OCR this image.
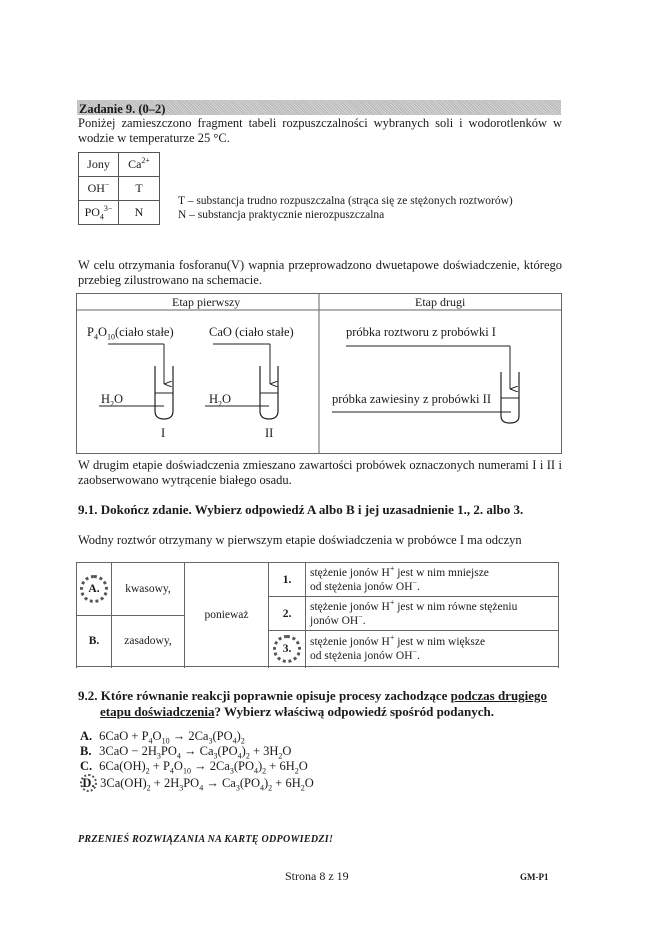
Zadanie 9. (0–2)
Poniżej zamieszczono fragment tabeli rozpuszczalności wybranych soli i wodorotlenków w wodzie w temperaturze 25 °C.
Jony	$Ca^{2+}$
OH−	T
$PO_4^{3-}$	N
T – substancja trudno rozpuszczalna (strąca się ze stężonych roztworów)
N – substancja praktycznie nierozpuszczalna
W celu otrzymania fosforanu(V) wapnia przeprowadzono dwuetapowe doświadczenie, którego przebieg zilustrowano na schemacie.
Etap pierwszy	Etap drugi
$P_4O_{10}(ciało$ stałe)	CaO (ciało stałe)
$H_2O$	$H_2O$
I	II
próbka roztworu z probówki I
próbka zawiesiny z probówki II
W drugim etapie doświadczenia zmieszano zawartości probówek oznaczonych numerami I i II i zaobserwowano wytrącenie białego osadu.
9.1. Dokończ zdanie. Wybierz odpowiedź A albo B i jej uzasadnienie 1., 2. albo 3.
Wodny roztwór otrzymany w pierwszym etapie doświadczenia w probówce I ma odczyn
A.	kwasowy,	ponieważ	1.	stężenie jonów H+ jest w nim mniejsze
od stężenia jonów OH−.

			2.	stężenie jonów H+ jest w nim równe stężeniu
jonów OH−.
B.	zasadowy,			
			3.	stężenie jonów H+ jest w nim większe
od stężenia jonów OH−.

9.2. Które równanie reakcji poprawnie opisuje procesy zachodzące podczas drugiego
etapu doświadczenia? Wybierz właściwą odpowiedź spośród podanych.
A. $6CaO + P_4O_{10} \to 2Ca_3(PO_4)_2$
B. $3CaO - 2H_3PO_4 \to Ca_3(PO_4)_2 + 3H_2O$
C. $6Ca(OH)_2 + P_4O_{10} \to 2Ca_3(PO_4)_2 + 6H_2O$
D. $3Ca(OH)_2 + 2H_3PO_4 \to Ca_3(PO_4)_2 + 6H_2O$
PRZENIEŚ ROZWIĄZANIA NA KARTĘ ODPOWIEDZI!
Strona 8 z 19	GM-P1
